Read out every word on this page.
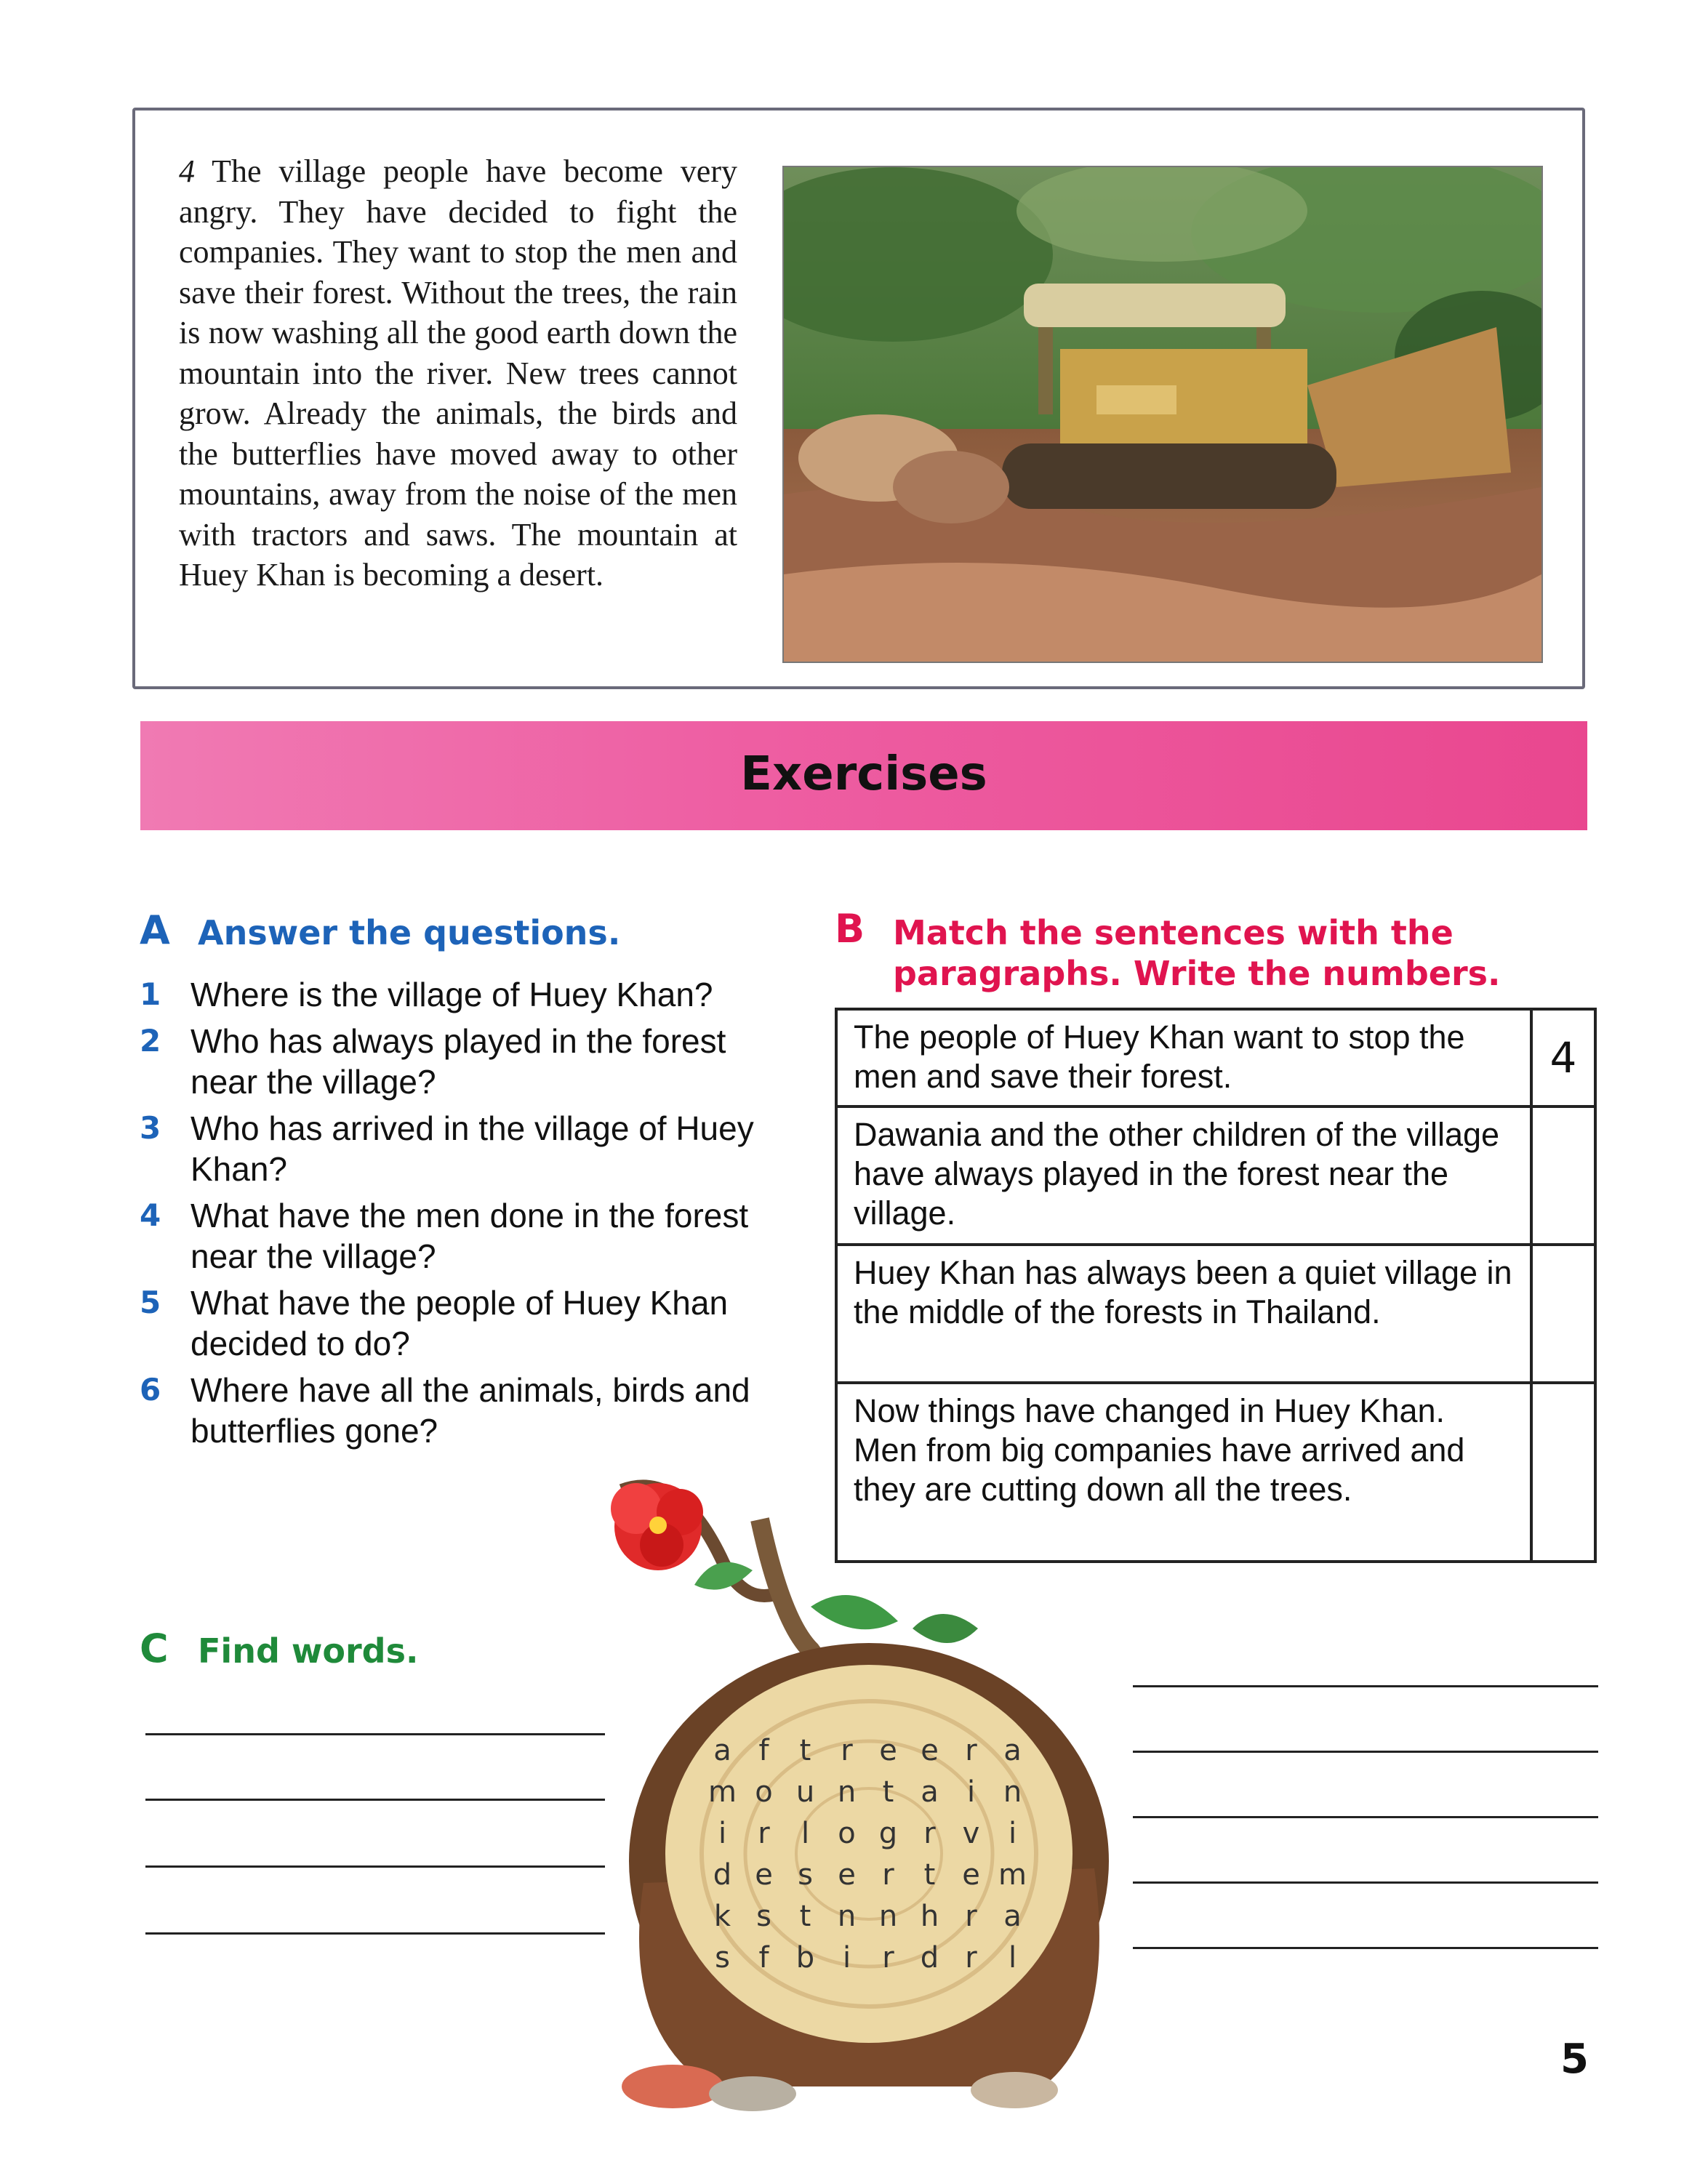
4 The village people have become very angry. They have decided to fight the companies. They want to stop the men and save their forest. Without the trees, the rain is now washing all the good earth down the mountain into the river. New trees cannot grow. Already the animals, the birds and the butterflies have moved away to other mountains, away from the noise of the men with tractors and saws. The mountain at Huey Khan is becoming a desert.
Exercises
A Answer the questions.
1 Where is the village of Huey Khan?
2 Who has always played in the forest near the village?
3 Who has arrived in the village of Huey Khan?
4 What have the men done in the forest near the village?
5 What have the people of Huey Khan decided to do?
6 Where have all the animals, birds and butterflies gone?
B Match the sentences with the
paragraphs. Write the numbers.
The people of Huey Khan want to stop the men and save their forest.	4
Dawania and the other children of the village have always played in the forest near the village.	
Huey Khan has always been a quiet village in the middle of the forests in Thailand.	
Now things have changed in Huey Khan. Men from big companies have arrived and they are cutting down all the trees.	
C Find words.
a f	t	r e e r a
m o u n t a i n
i	r	l o g r v i
d e s e r	t e m
k s t n n h r a
s f b i	r d r	l
5
